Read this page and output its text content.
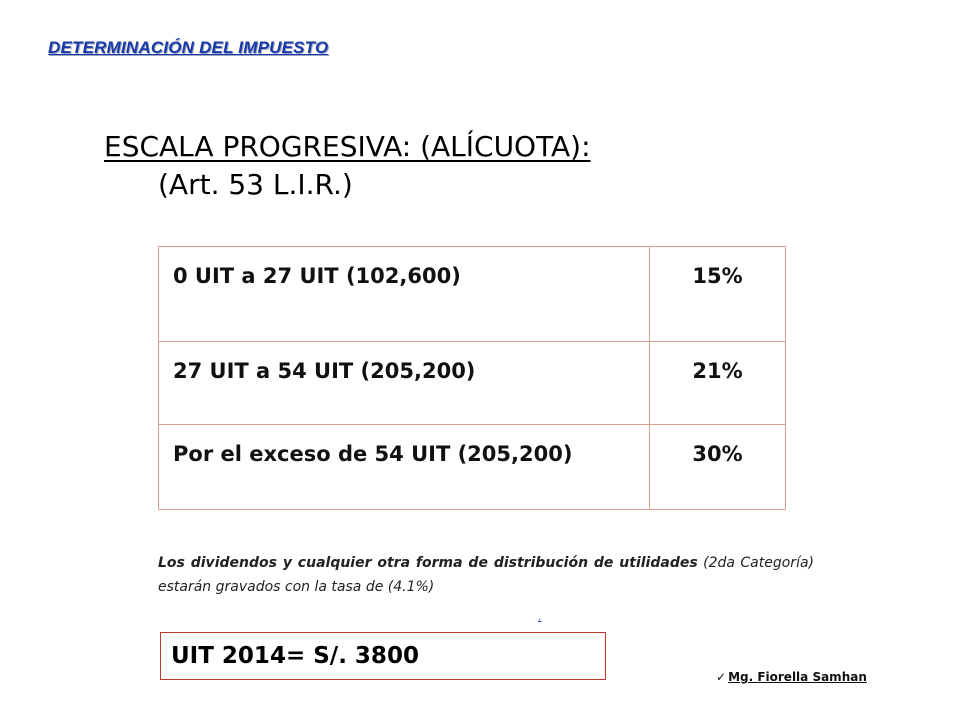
DETERMINACIÓN DEL IMPUESTO
ESCALA PROGRESIVA: (ALÍCUOTA):
(Art. 53 L.I.R.)
0 UIT a 27 UIT (102,600)	15%
27 UIT a 54 UIT (205,200)	21%
Por el exceso de 54 UIT (205,200)	30%
Los dividendos y cualquier otra forma de distribución de utilidades (2da Categoría) estarán gravados con la tasa de (4.1%)
.
UIT 2014= S/. 3800
✓ Mg. Fiorella Samhan
